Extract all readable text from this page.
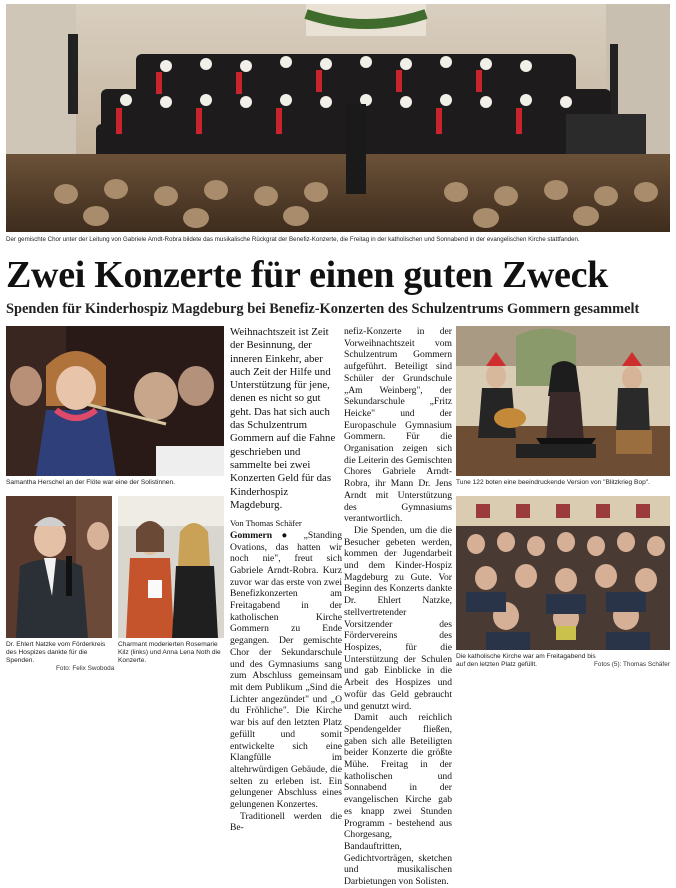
Der gemischte Chor unter der Leitung von Gabriele Arndt-Robra bildete das musikalische Rückgrat der Benefiz-Konzerte, die Freitag in der katholischen und Sonnabend in der evangelischen Kirche stattfanden.
Zwei Konzerte für einen guten Zweck
Spenden für Kinderhospiz Magdeburg bei Benefiz-Konzerten des Schulzentrums Gommern gesammelt
Samantha Herschel an der Flöte war eine der Solistinnen.
Dr. Ehlert Natzke vom Förderkreis des Hospizes dankte für die Spenden.
Foto: Felix Swoboda
Charmant moderierten Rosemarie Kilz (links) und Anna Lena Noth die Konzerte.

Weihnachtszeit ist Zeit der Besinnung, der inneren Einkehr, aber auch Zeit der Hilfe und Unterstützung für jene, denen es nicht so gut geht. Das hat sich auch das Schulzentrum Gommern auf die Fahne geschrieben und sammelte bei zwei Konzerten Geld für das Kinderhospiz Magdeburg.

Von Thomas Schäfer

Gommern ● „Standing Ovations, das hatten wir noch nie", freut sich Gabriele Arndt-Robra. Kurz zuvor war das erste von zwei Benefizkonzerten am Freitagabend in der katholischen Kirche Gommern zu Ende gegangen. Der gemischte Chor der Sekundarschule und des Gymnasiums sang zum Abschluss gemeinsam mit dem Publikum „Sind die Lichter angezündet" und „O du Fröhliche". Die Kirche war bis auf den letzten Platz gefüllt und somit entwickelte sich eine Klangfülle im altehrwürdigen Gebäude, die selten zu erleben ist. Ein gelungener Abschluss eines gelungenen Konzertes.

Traditionell werden die Be-

nefiz-Konzerte in der Vorweihnachtszeit vom Schulzentrum Gommern aufgeführt. Beteiligt sind Schüler der Grundschule „Am Weinberg", der Sekundarschule „Fritz Heicke" und der Europaschule Gymnasium Gommern. Für die Organisation zeigen sich die Leiterin des Gemischten Chores Gabriele Arndt-Robra, ihr Mann Dr. Jens Arndt mit Unterstützung des Gymnasiums verantwortlich.

Die Spenden, um die die Besucher gebeten werden, kommen der Jugendarbeit und dem Kinder-Hospiz Magdeburg zu Gute. Vor Beginn des Konzerts dankte Dr. Ehlert Natzke, stellvertretender Vorsitzender des Fördervereins des Hospizes, für die Unterstützung der Schulen und gab Einblicke in die Arbeit des Hospizes und wofür das Geld gebraucht und genutzt wird.

Damit auch reichlich Spendengelder fließen, gaben sich alle Beteiligten beider Konzerte die größte Mühe. Freitag in der katholischen und Sonnabend in der evangelischen Kirche gab es knapp zwei Stunden Programm - bestehend aus Chorgesang, Bandauftritten, Gedichtvorträgen, sketchen und musikalischen Darbietungen von Solisten.

Tune 122 boten eine beeindruckende Version von "Blitzkrieg Bop".
Die katholische Kirche war am Freitagabend bis auf den letzten Platz gefüllt.	Fotos (5): Thomas Schäfer
